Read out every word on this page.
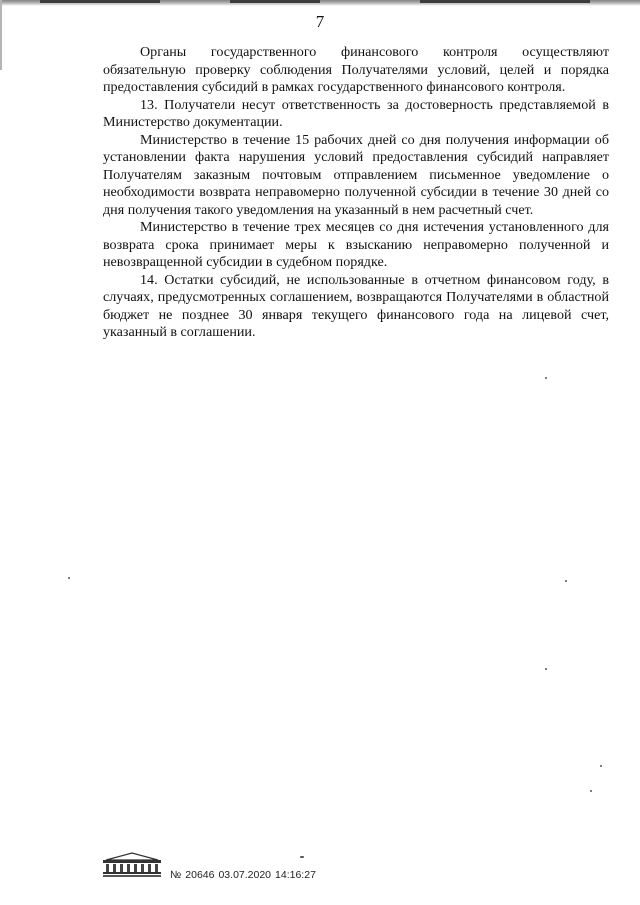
7

Органы государственного финансового контроля осуществляют обязательную проверку соблюдения Получателями условий, целей и порядка предоставления субсидий в рамках государственного финансового контроля.

13. Получатели несут ответственность за достоверность представляемой в Министерство документации.

Министерство в течение 15 рабочих дней со дня получения информации об установлении факта нарушения условий предоставления субсидий направляет Получателям заказным почтовым отправлением письменное уведомление о необходимости возврата неправомерно полученной субсидии в течение 30 дней со дня получения такого уведомления на указанный в нем расчетный счет.

Министерство в течение трех месяцев со дня истечения установленного для возврата срока принимает меры к взысканию неправомерно полученной и невозвращенной субсидии в судебном порядке.

14. Остатки субсидий, не использованные в отчетном финансовом году, в случаях, предусмотренных соглашением, возвращаются Получателями в областной бюджет не позднее 30 января текущего финансового года на лицевой счет, указанный в соглашении.

№ 20646 03.07.2020 14:16:27
